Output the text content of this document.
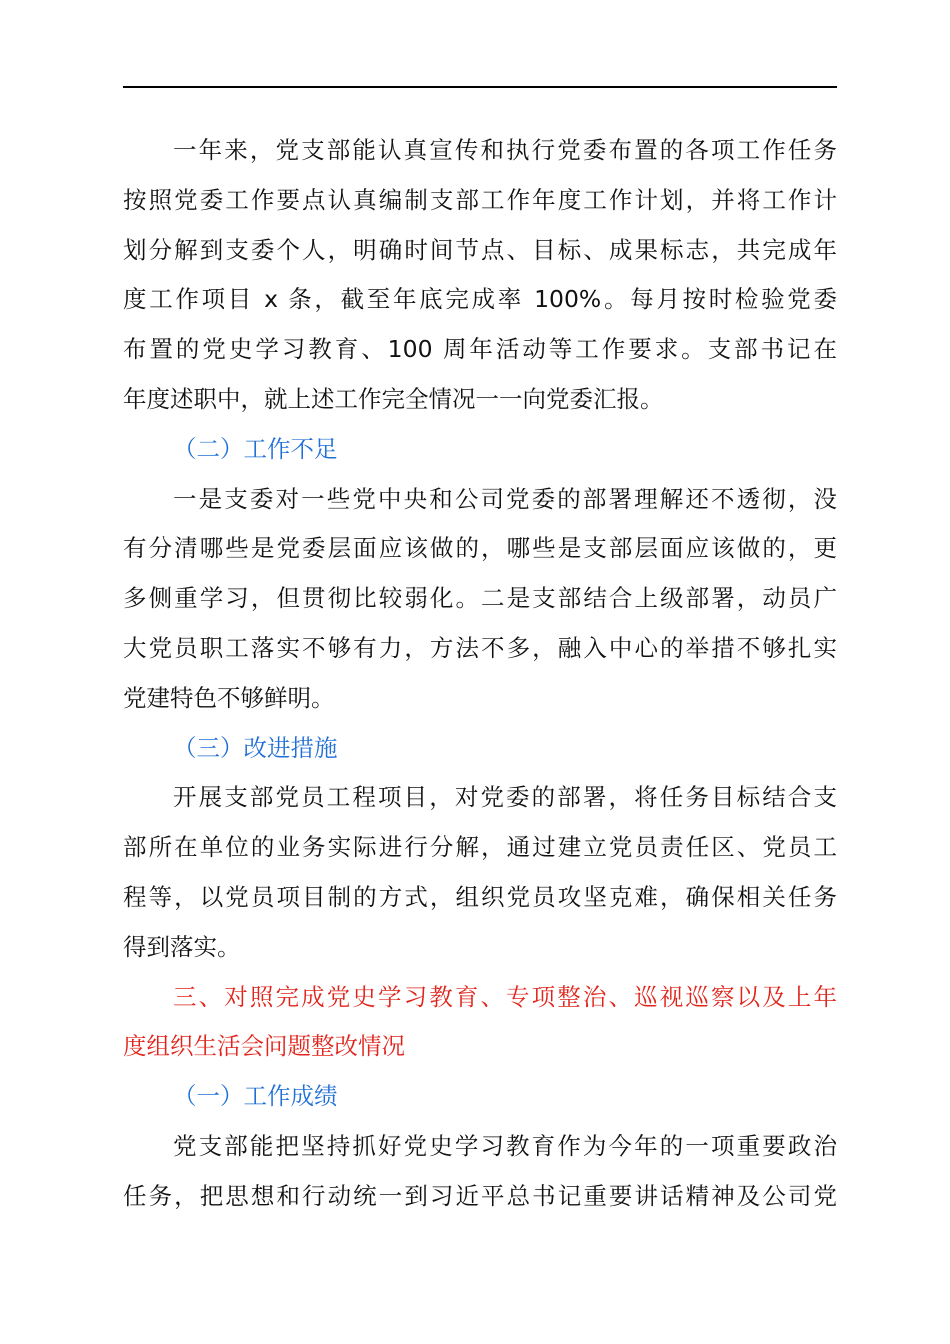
一年来，党支部能认真宣传和执行党委布置的各项工作任务
按照党委工作要点认真编制支部工作年度工作计划，并将工作计
划分解到支委个人，明确时间节点、目标、成果标志，共完成年
度工作项目 x 条，截至年底完成率 100%。每月按时检验党委
布置的党史学习教育、100 周年活动等工作要求。支部书记在
年度述职中，就上述工作完全情况一一向党委汇报。
（二）工作不足
一是支委对一些党中央和公司党委的部署理解还不透彻，没
有分清哪些是党委层面应该做的，哪些是支部层面应该做的，更
多侧重学习，但贯彻比较弱化。二是支部结合上级部署，动员广
大党员职工落实不够有力，方法不多，融入中心的举措不够扎实
党建特色不够鲜明。
（三）改进措施
开展支部党员工程项目，对党委的部署，将任务目标结合支
部所在单位的业务实际进行分解，通过建立党员责任区、党员工
程等，以党员项目制的方式，组织党员攻坚克难，确保相关任务
得到落实。
三、对照完成党史学习教育、专项整治、巡视巡察以及上年
度组织生活会问题整改情况
（一）工作成绩
党支部能把坚持抓好党史学习教育作为今年的一项重要政治
任务，把思想和行动统一到习近平总书记重要讲话精神及公司党
